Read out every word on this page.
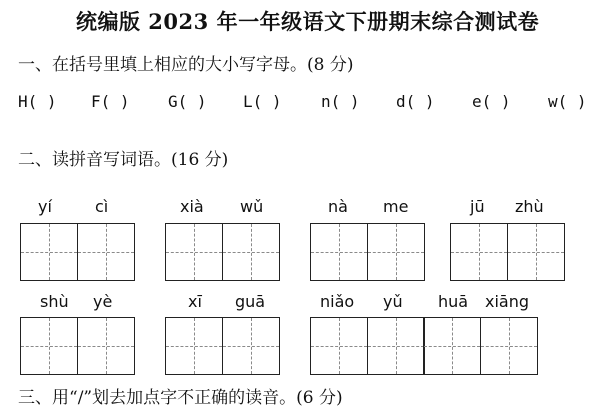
统编版 2023 年一年级语文下册期末综合测试卷
一、在括号里填上相应的大小写字母。(8 分)
H( ) F( ) G( ) L( ) n( ) d( ) e( ) w( )
二、读拼音写词语。(16 分)
yí	cì	xià wǔ	nà me	jū zhù
shù yè	xī guā	niǎo yǔ huā xiāng
三、用“/”划去加点字不正确的读音。(6 分)
